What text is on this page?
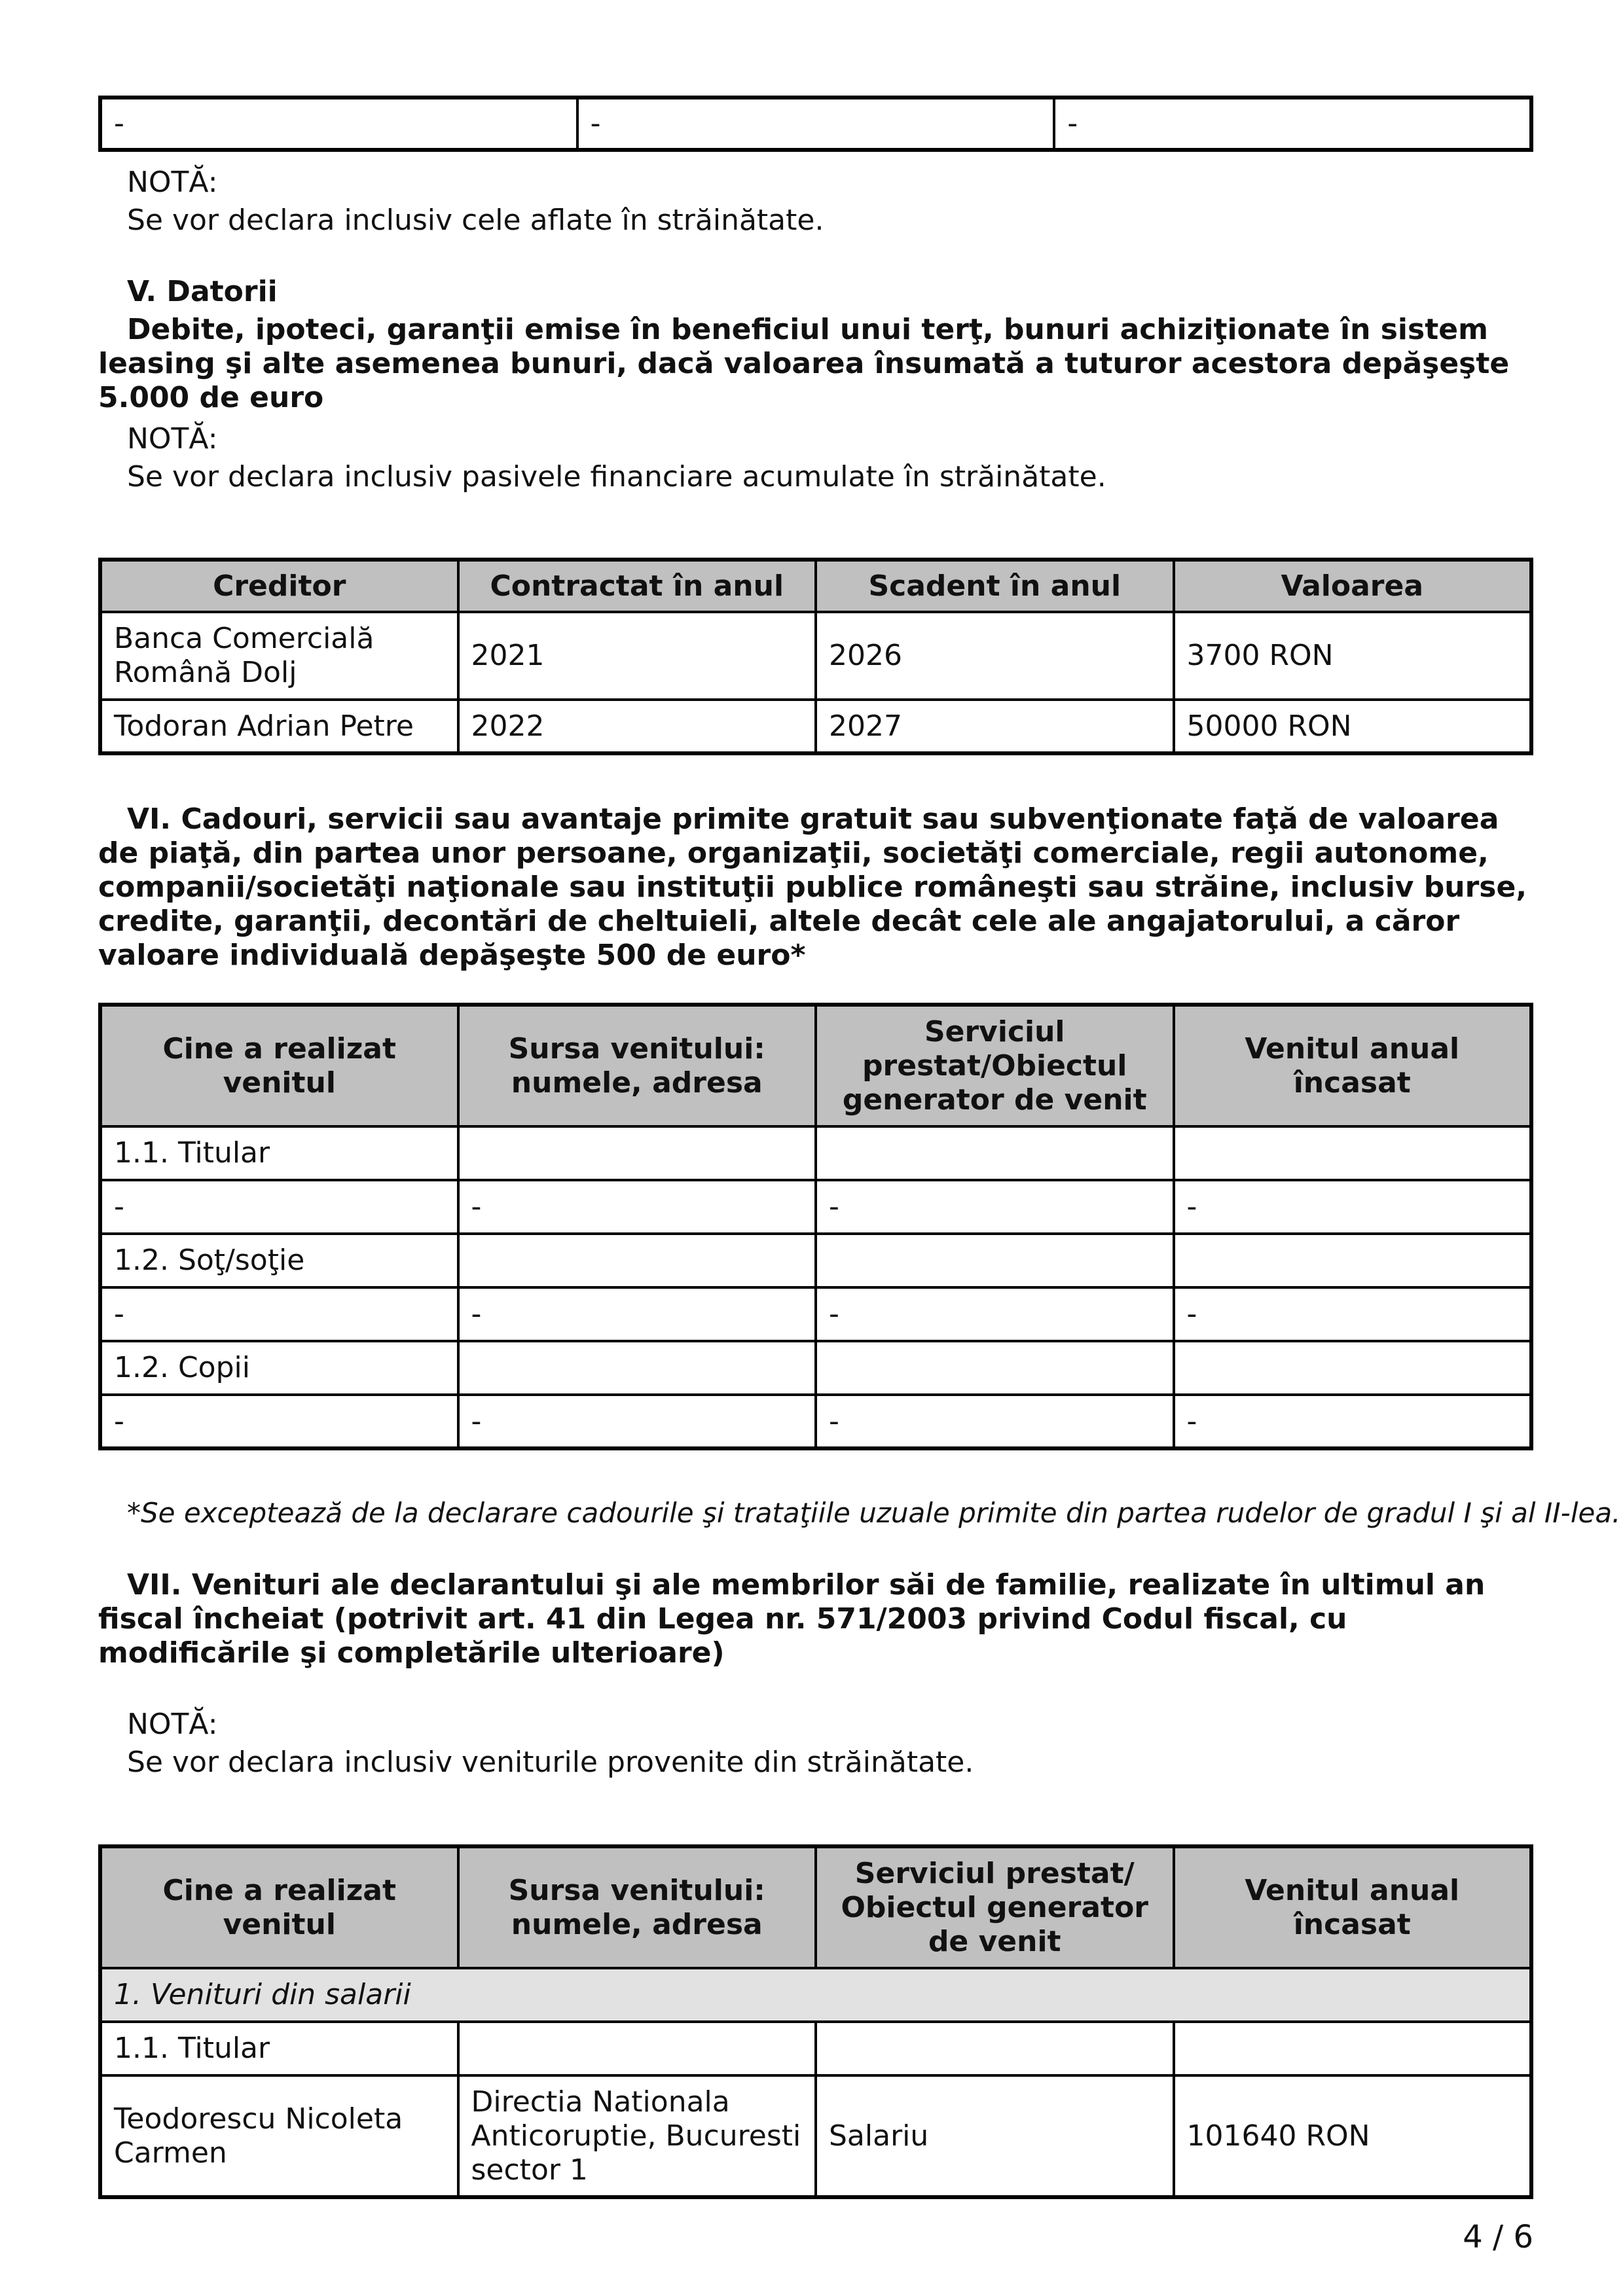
-	-	-
NOTĂ:
Se vor declara inclusiv cele aflate în străinătate.
V. Datorii
Debite, ipoteci, garanţii emise în beneficiul unui terţ, bunuri achiziţionate în sistem leasing şi alte asemenea bunuri, dacă valoarea însumată a tuturor acestora depăşeşte 5.000 de euro
NOTĂ:
Se vor declara inclusiv pasivele financiare acumulate în străinătate.
Creditor	Contractat în anul	Scadent în anul	Valoarea
Banca Comercială Română Dolj	2021	2026	3700 RON
Todoran Adrian Petre	2022	2027	50000 RON
VI. Cadouri, servicii sau avantaje primite gratuit sau subvenţionate faţă de valoarea de piaţă, din partea unor persoane, organizaţii, societăţi comerciale, regii autonome, companii/societăţi naţionale sau instituţii publice româneşti sau străine, inclusiv burse, credite, garanţii, decontări de cheltuieli, altele decât cele ale angajatorului, a căror valoare individuală depăşeşte 500 de euro*
Cine a realizat venitul	Sursa venitului: numele, adresa	Serviciul prestat/Obiectul generator de venit	Venitul anual încasat
1.1. Titular			
-	-	-	-
1.2. Soţ/soţie			
-	-	-	-
1.2. Copii			
-	-	-	-
*Se exceptează de la declarare cadourile şi trataţiile uzuale primite din partea rudelor de gradul I şi al II-lea.
VII. Venituri ale declarantului şi ale membrilor săi de familie, realizate în ultimul an fiscal încheiat (potrivit art. 41 din Legea nr. 571/2003 privind Codul fiscal, cu modificările şi completările ulterioare)
NOTĂ:
Se vor declara inclusiv veniturile provenite din străinătate.
Cine a realizat venitul	Sursa venitului: numele, adresa	Serviciul prestat/ Obiectul generator de venit	Venitul anual încasat
1. Venituri din salarii			
1.1. Titular			
Teodorescu Nicoleta Carmen	Directia Nationala Anticoruptie, Bucuresti sector 1	Salariu	101640 RON
4 / 6
